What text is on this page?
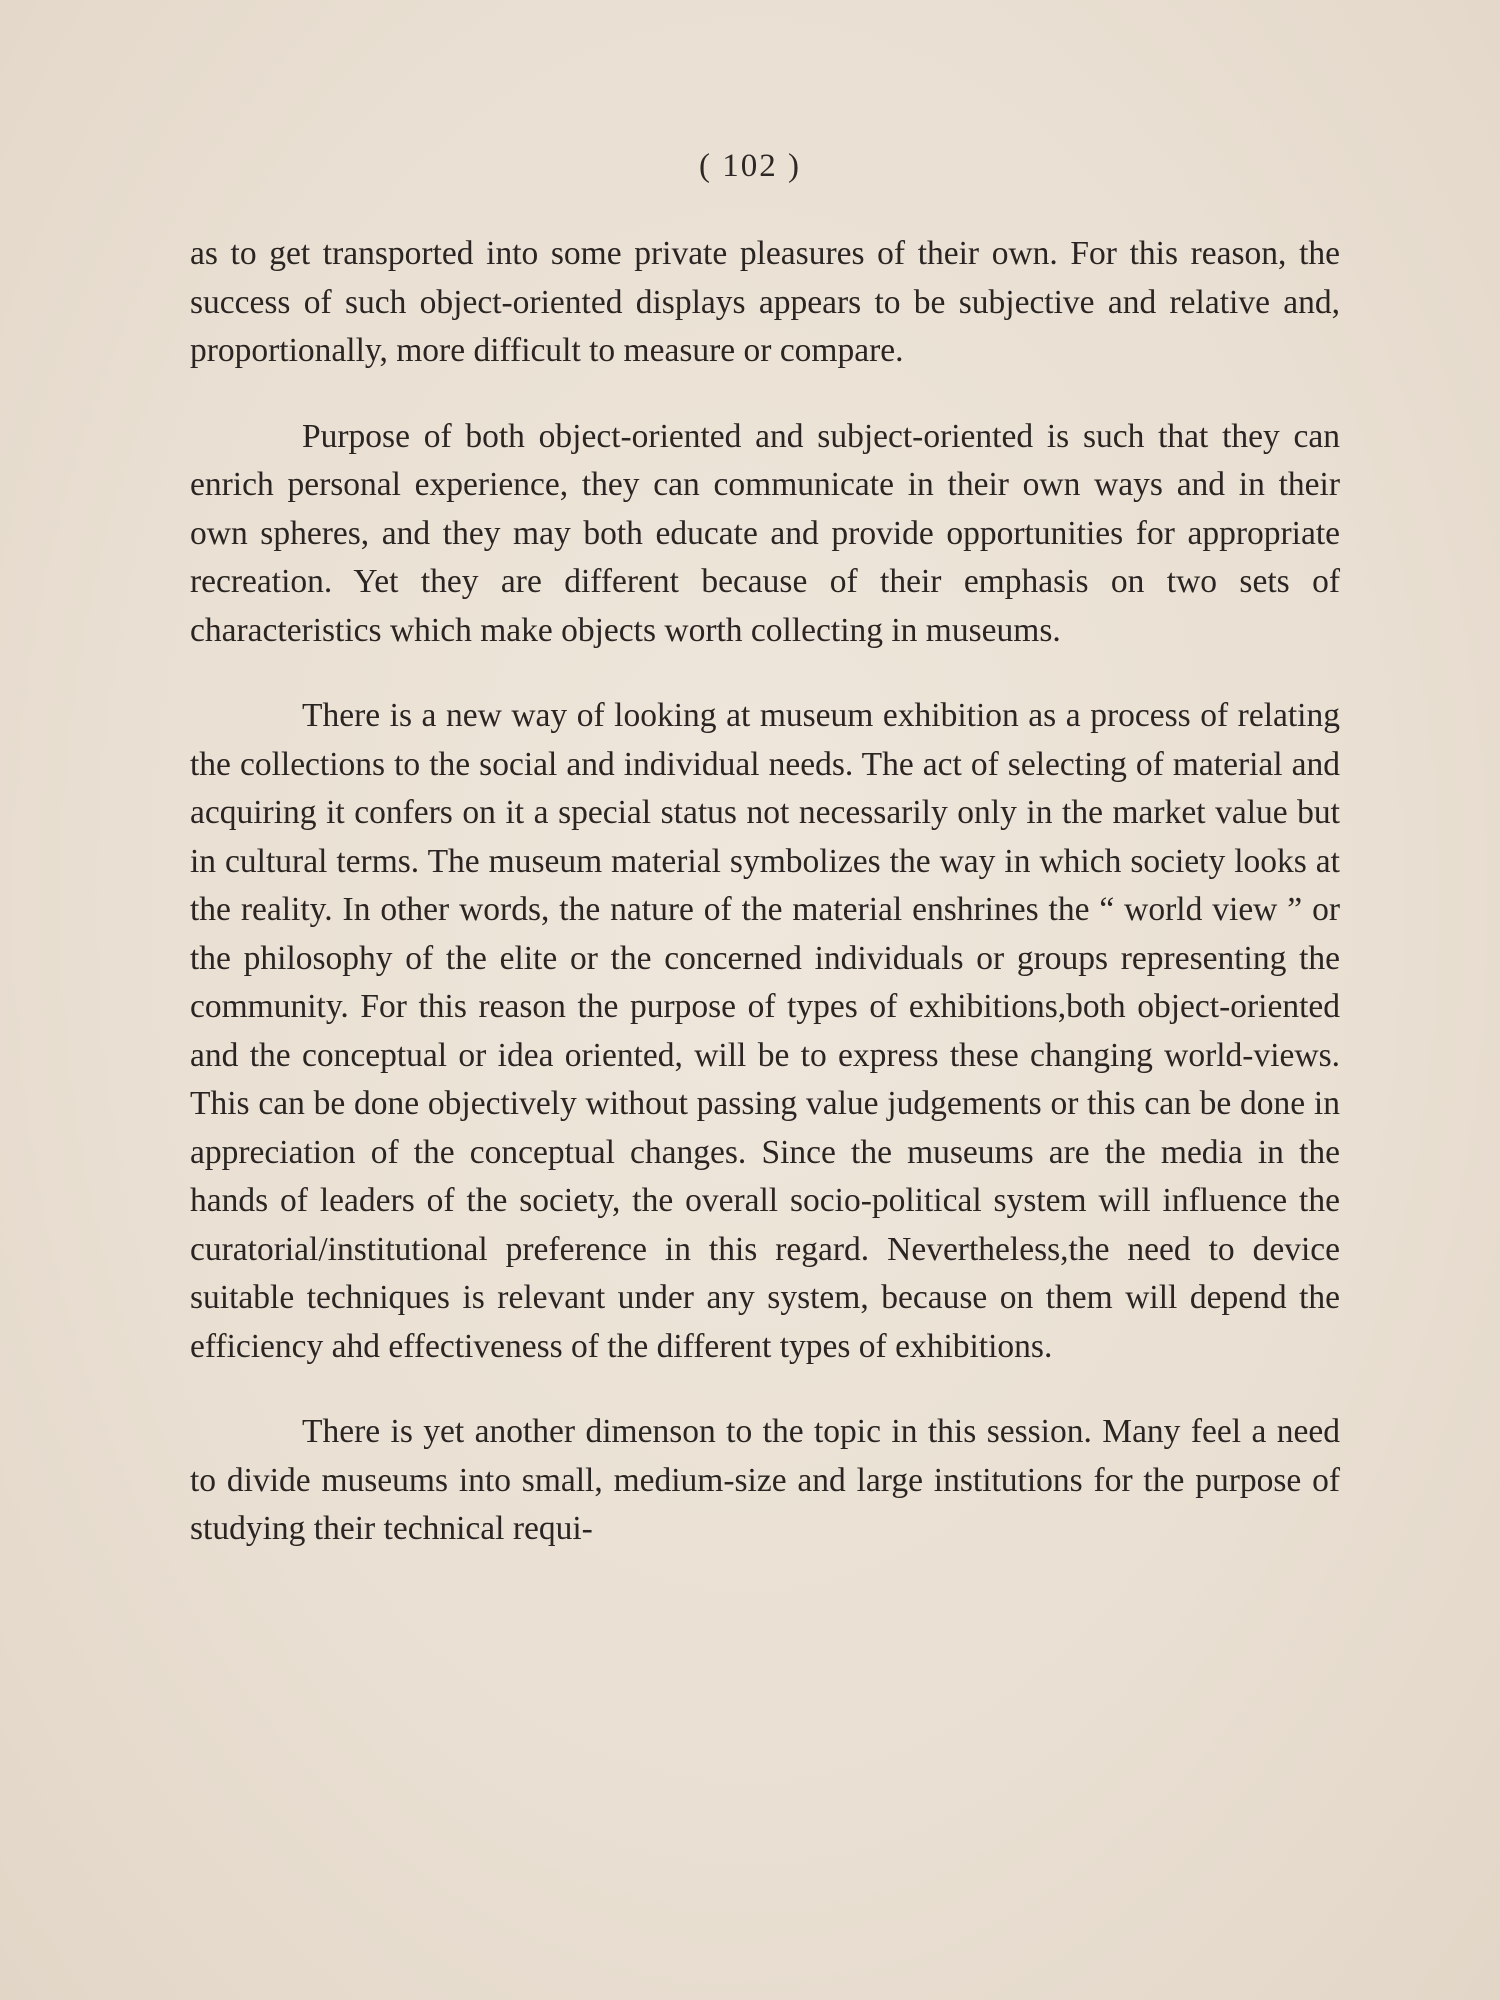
( 102 )

as to get transported into some private pleasures of their own. For this reason, the success of such object-oriented displays appears to be subjective and relative and, proportionally, more difficult to measure or compare.

Purpose of both object-oriented and subject-oriented is such that they can enrich personal experience, they can communicate in their own ways and in their own spheres, and they may both educate and provide opportunities for appropriate recreation. Yet they are different because of their emphasis on two sets of characteristics which make objects worth collecting in museums.

There is a new way of looking at museum exhibition as a process of relating the collections to the social and individual needs. The act of selecting of material and acquiring it confers on it a special status not necessarily only in the market value but in cultural terms. The museum material symbolizes the way in which society looks at the reality. In other words, the nature of the material enshrines the “ world view ” or the philosophy of the elite or the concerned individuals or groups representing the community. For this reason the purpose of types of exhibitions,both object-oriented and the conceptual or idea oriented, will be to express these changing world-views. This can be done objectively without passing value judgements or this can be done in appreciation of the conceptual changes. Since the museums are the media in the hands of leaders of the society, the overall socio-political system will influence the curatorial/institutional preference in this regard. Nevertheless,the need to device suitable techniques is relevant under any system, because on them will depend the efficiency ahd effectiveness of the different types of exhibitions.

There is yet another dimenson to the topic in this session. Many feel a need to divide museums into small, medium-size and large institutions for the purpose of studying their technical requi-
